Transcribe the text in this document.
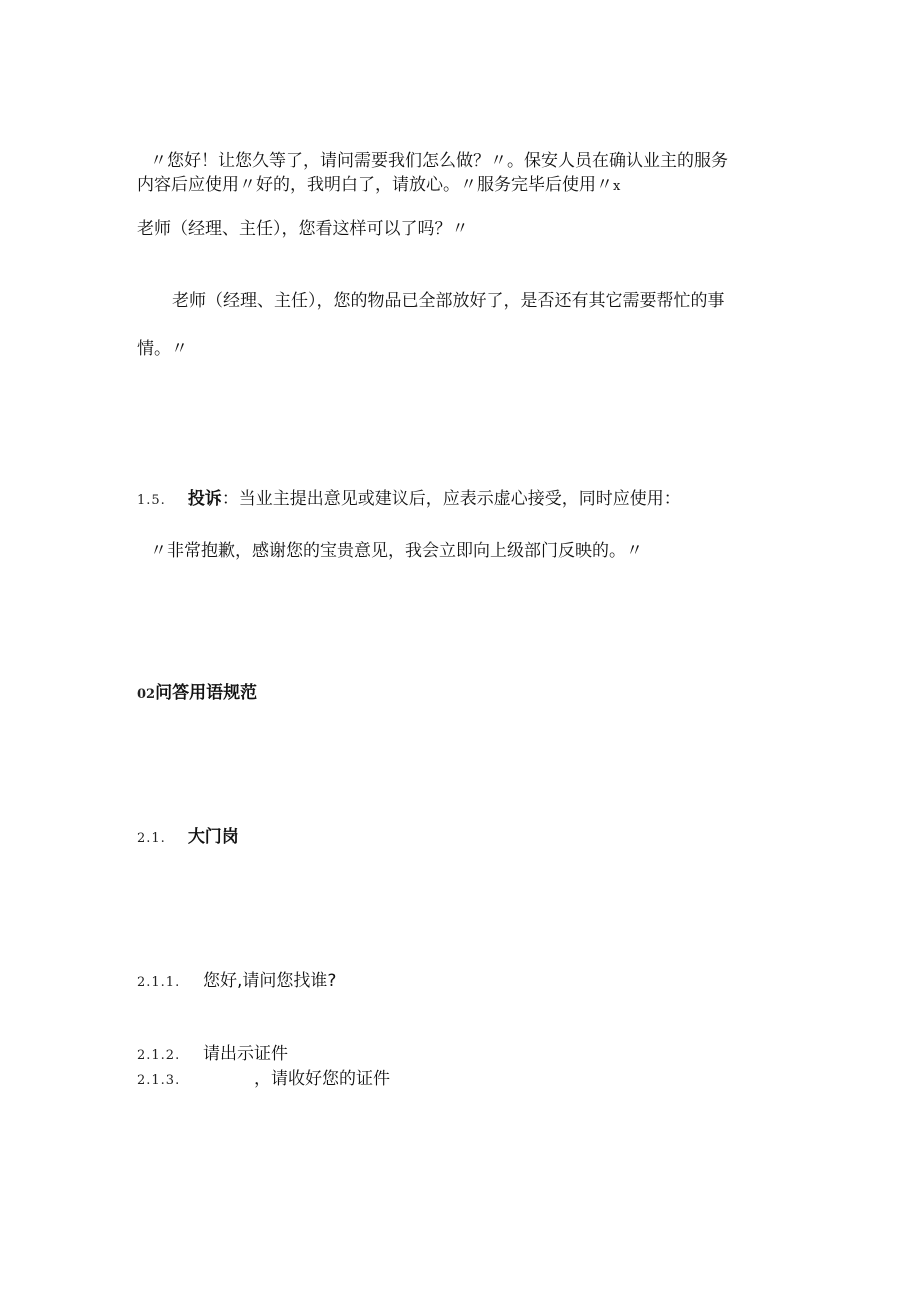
〃您好！让您久等了，请问需要我们怎么做？〃。保安人员在确认业主的服务
内容后应使用〃好的，我明白了，请放心。〃服务完毕后使用〃x
老师（经理、主任），您看这样可以了吗？〃
老师（经理、主任），您的物品已全部放好了，是否还有其它需要帮忙的事
情。〃
1.5. 投诉：当业主提出意见或建议后，应表示虚心接受，同时应使用：
〃非常抱歉，感谢您的宝贵意见，我会立即向上级部门反映的。〃
02问答用语规范
2.1. 大门岗
2.1.1. 您好,请问您找谁?
2.1.2. 请出示证件
2.1.3.	，请收好您的证件
